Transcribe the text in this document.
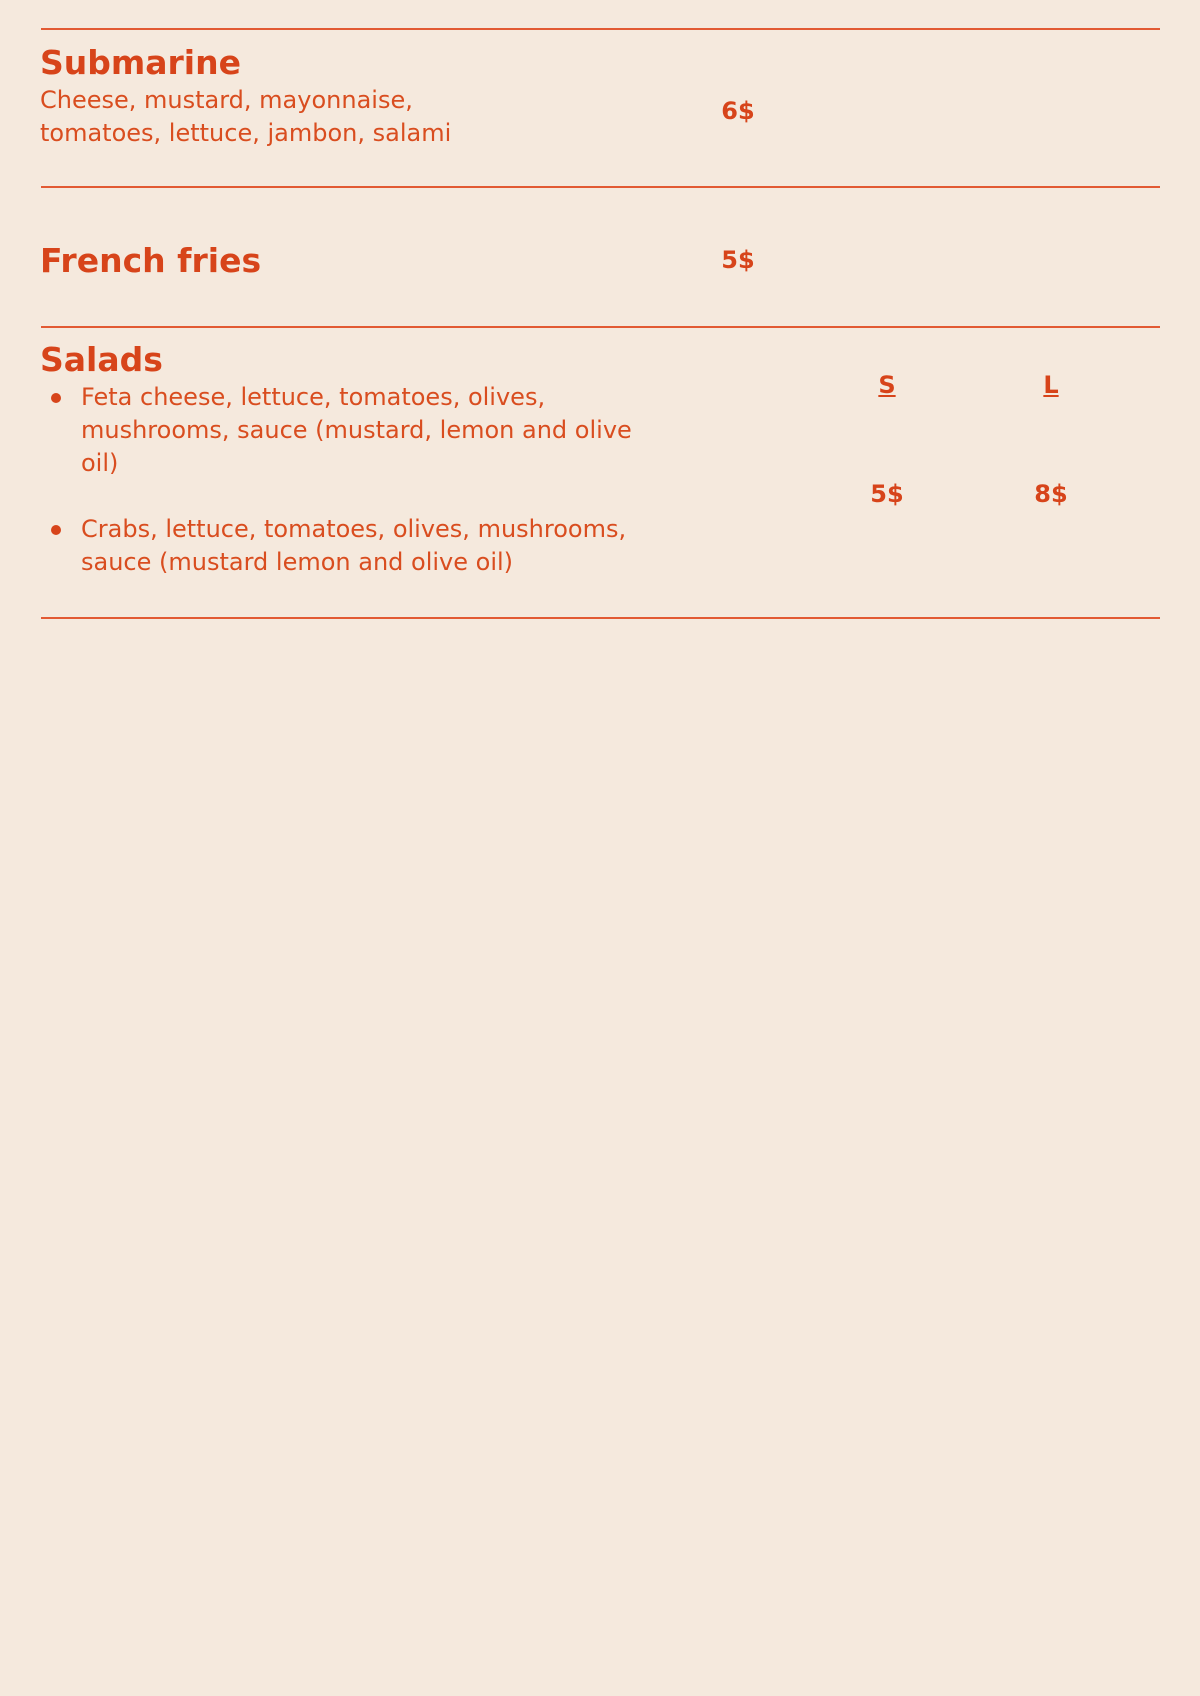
Submarine
Cheese, mustard, mayonnaise,
tomatoes, lettuce, jambon, salami
6$
French fries	5$
Salads
S	L
Feta cheese, lettuce, tomatoes, olives, mushrooms, sauce (mustard, lemon and olive oil)
Crabs, lettuce, tomatoes, olives, mushrooms, sauce (mustard lemon and olive oil)
5$	8$
